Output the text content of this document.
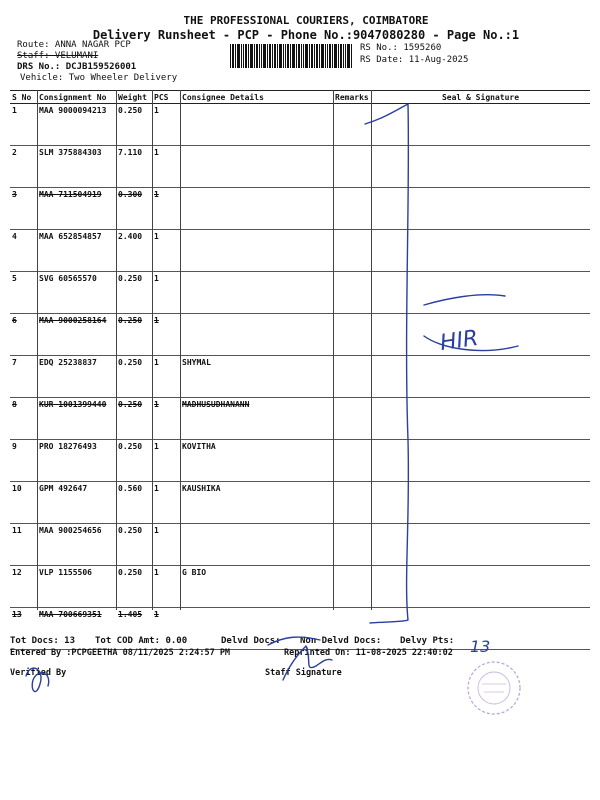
THE PROFESSIONAL COURIERS, COIMBATORE
Delivery Runsheet - PCP - Phone No.:9047080280 - Page No.:1
Route: ANNA NAGAR PCP
Staff: VELUMANI
DRS No.: DCJB159526001
Vehicle: Two Wheeler Delivery
RS No.: 1595260
RS Date: 11-Aug-2025
S No	Consignment No	Weight	PCS	Consignee Details	Remarks	Seal & Signature
1	MAA 9000094213	0.250	1			
2	SLM 375884303	7.110	1			
3	MAA 711504919	0.300	1			
4	MAA 652854857	2.400	1			
5	SVG 60565570	0.250	1			
6	MAA 9000258164	0.250	1			
7	EDQ 25238837	0.250	1	SHYMAL		
8	KUR 1001399440	0.250	1	MADHUSUDHANANN		
9	PRO 18276493	0.250	1	KOVITHA		
10	GPM 492647	0.560	1	KAUSHIKA		
11	MAA 900254656	0.250	1			
12	VLP 1155506	0.250	1	G BIO		
13	MAA 700669351	1.405	1			
Tot Docs: 13 Tot COD Amt: 0.00	Delvd Docs: Non Delvd Docs: Delvy Pts:
Entered By :PCPGEETHA 08/11/2025 2:24:57 PM	Reprinted On: 11-08-2025 22:40:02
Verified By	Staff Signature
HIR
13
